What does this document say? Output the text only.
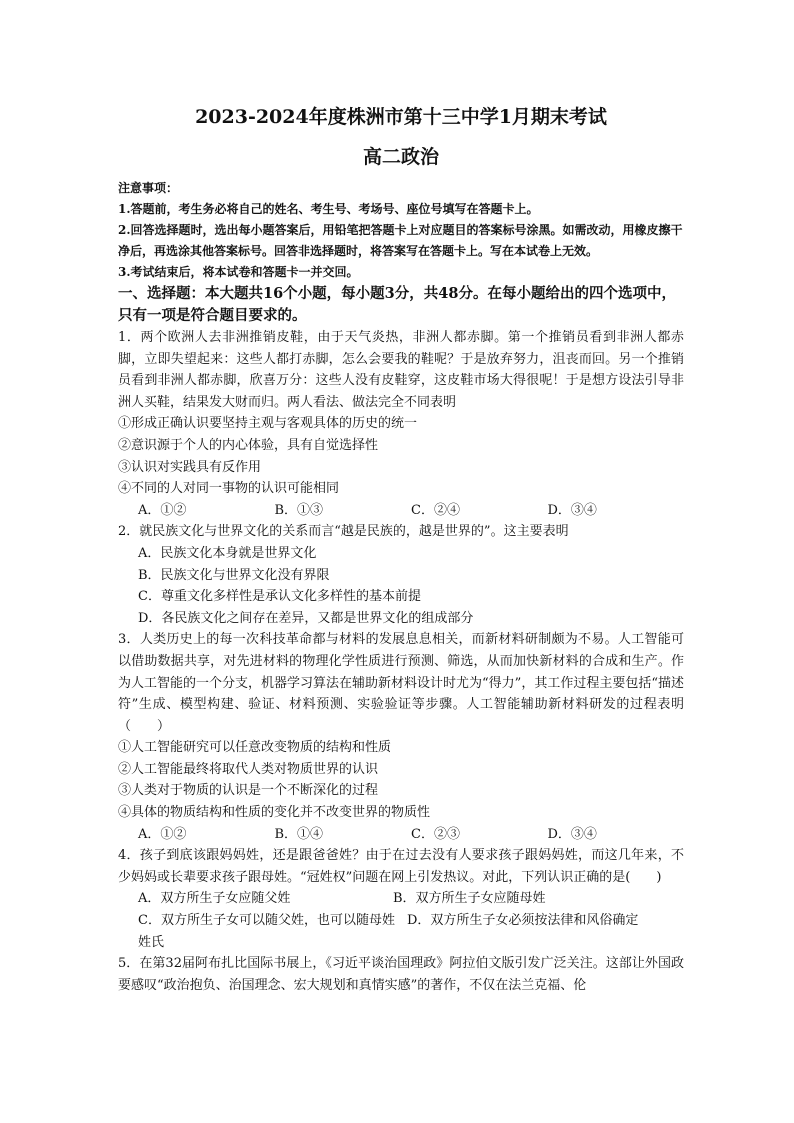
2023-2024年度株洲市第十三中学1月期末考试

高二政治

注意事项：

1.答题前，考生务必将自己的姓名、考生号、考场号、座位号填写在答题卡上。

2.回答选择题时，选出每小题答案后，用铅笔把答题卡上对应题目的答案标号涂黑。如需改动，用橡皮擦干净后，再选涂其他答案标号。回答非选择题时，将答案写在答题卡上。写在本试卷上无效。

3.考试结束后，将本试卷和答题卡一并交回。

一、选择题：本大题共16个小题，每小题3分，共48分。在每小题给出的四个选项中，只有一项是符合题目要求的。

1．两个欧洲人去非洲推销皮鞋，由于天气炎热，非洲人都赤脚。第一个推销员看到非洲人都赤脚，立即失望起来：这些人都打赤脚，怎么会要我的鞋呢？于是放弃努力，沮丧而回。另一个推销员看到非洲人都赤脚，欣喜万分：这些人没有皮鞋穿，这皮鞋市场大得很呢！于是想方设法引导非洲人买鞋，结果发大财而归。两人看法、做法完全不同表明

①形成正确认识要坚持主观与客观具体的历史的统一

②意识源于个人的内心体验，具有自觉选择性

③认识对实践具有反作用

④不同的人对同一事物的认识可能相同

A．①②	B．①③	C．②④	D．③④

2．就民族文化与世界文化的关系而言“越是民族的，越是世界的”。这主要表明

A．民族文化本身就是世界文化

B．民族文化与世界文化没有界限

C．尊重文化多样性是承认文化多样性的基本前提

D．各民族文化之间存在差异，又都是世界文化的组成部分

3．人类历史上的每一次科技革命都与材料的发展息息相关，而新材料研制颇为不易。人工智能可以借助数据共享，对先进材料的物理化学性质进行预测、筛选，从而加快新材料的合成和生产。作为人工智能的一个分支，机器学习算法在辅助新材料设计时尤为“得力”，其工作过程主要包括“描述符”生成、模型构建、验证、材料预测、实验验证等步骤。人工智能辅助新材料研发的过程表明（　　）

①人工智能研究可以任意改变物质的结构和性质

②人工智能最终将取代人类对物质世界的认识

③人类对于物质的认识是一个不断深化的过程

④具体的物质结构和性质的变化并不改变世界的物质性

A．①②	B．①④	C．②③	D．③④

4．孩子到底该跟妈妈姓，还是跟爸爸姓？由于在过去没有人要求孩子跟妈妈姓，而这几年来，不少妈妈或长辈要求孩子跟母姓。“冠姓权”问题在网上引发热议。对此，下列认识正确的是(　　)

A．双方所生子女应随父姓	B．双方所生子女应随母姓
C．双方所生子女可以随父姓，也可以随母姓 D．双方所生子女必须按法律和风俗确定

姓氏

5．在第32届阿布扎比国际书展上，《习近平谈治国理政》阿拉伯文版引发广泛关注。这部让外国政要感叹“政治抱负、治国理念、宏大规划和真情实感”的著作，不仅在法兰克福、伦
